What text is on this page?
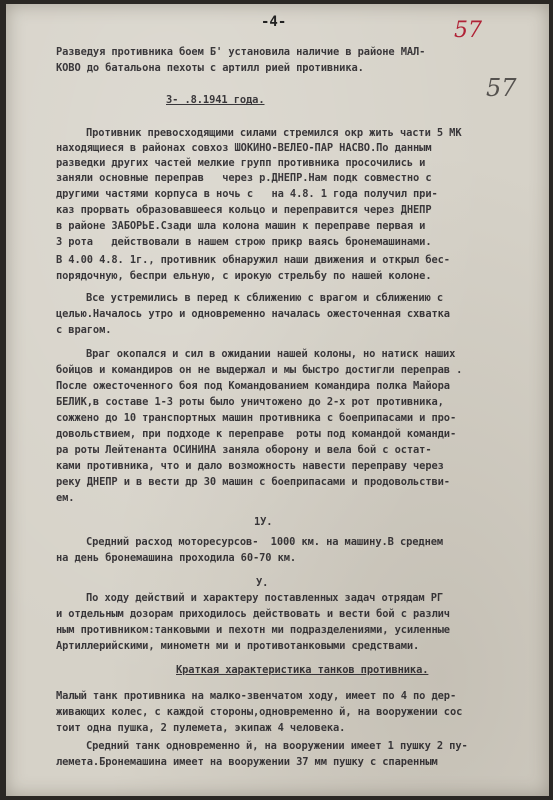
-4-	57
57
Разведуя противника боем Б' установила наличие в районе МАЛ-
КОВО до батальона пехоты с артилл рией противника.
3- .8.1941 года.
Противник превосходящими силами стремился окр жить части 5 МК
находящиеся в районах совхоз ШОКИНО-ВЕЛЕО-ПАР НАСВО.По данным
разведки других частей мелкие групп противника просочились и
заняли основные переправ   через р.ДНЕПР.Нам подк совместно с
другими частями корпуса в ночь с   на 4.8. 1 года получил при-
каз прорвать образовавшееся кольцо и переправится через ДНЕПР
в районе ЗАБОРЬЕ.Сзади шла колона машин к переправе первая и
3 рота   действовали в нашем строю прикр вaясь бронемашинами.
В 4.00 4.8. 1г., противник обнаружил наши движения и открыл бес-
порядочную, беспри ельную, с ирокую стрельбу по нашей колоне.
Все устремились в перед к сближению с врагом и сближению с
целью.Началось утро и одновременно началась ожесточенная схватка
с врагом.
Враг окопался и сил в ожидании нашей колоны, но натиск наших
бойцов и командиров он не выдержал и мы быстро достигли переправ .
После ожесточенного боя под Командованием командира полка Майора
БЕЛИК,в составе 1-3 роты было уничтожено до 2-х рот противника,
сожжено до 10 транспортных машин противника с боеприпасами и про-
довольствием, при подходе к переправе  роты под командой команди-
ра роты Лейтенанта ОСИНИНА заняла оборону и вела бой с остат-
ками противника, что и дало возможность навести переправу через
реку ДНЕПР и в вести др 30 машин с боеприпасами и продовольстви-
ем.
1У.
Средний расход моторесурсов-  1000 км. на машину.В среднем
на день бронемашина проходила 60-70 км.
У.
По ходу действий и характеру поставленных задач отрядам РГ
и отдельным дозорам приходилось действовать и вести бой с различ
ным противником:танковыми и пехотн ми подразделениями, усиленные
Артиллерийскими, минометн ми и противотанковыми средствами.
Краткая характеристика танков противника.
Малый танк противника на малко-звенчатом ходу, имеет по 4 по дер-
живающих колес, с каждой стороны,одновременно й, на вооружении сос
тоит одна пушка, 2 пулемета, экипаж 4 человека.
Средний танк одновременно й, на вооружении имеет 1 пушку 2 пу-
лемета.Бронемашина имеет на вооружении 37 мм пушку с спаренным
